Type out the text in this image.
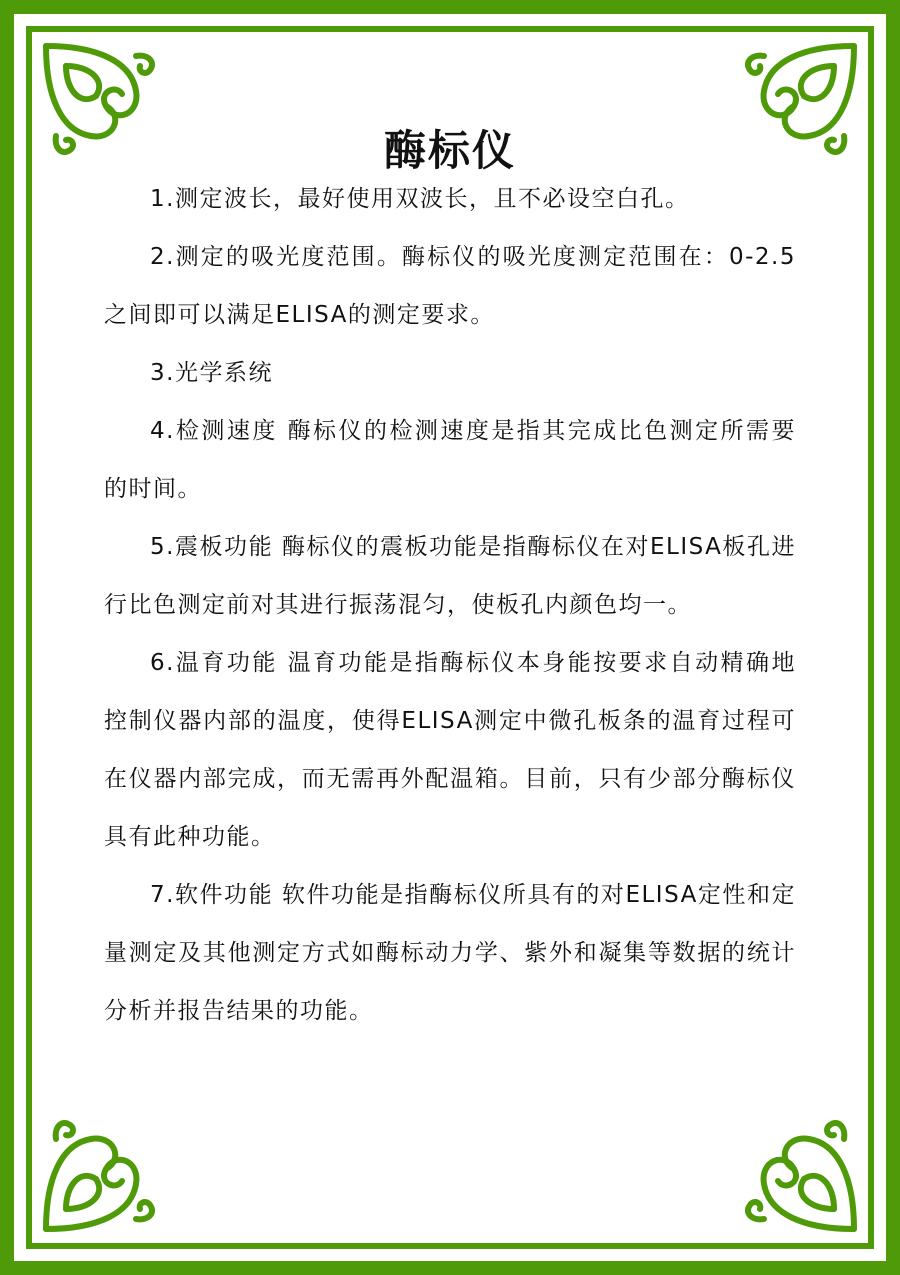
酶标仪

1.测定波长，最好使用双波长，且不必设空白孔。

2.测定的吸光度范围。酶标仪的吸光度测定范围在：0-2.5之间即可以满足ELISA的测定要求。

3.光学系统

4.检测速度 酶标仪的检测速度是指其完成比色测定所需要的时间。

5.震板功能 酶标仪的震板功能是指酶标仪在对ELISA板孔进行比色测定前对其进行振荡混匀，使板孔内颜色均一。

6.温育功能 温育功能是指酶标仪本身能按要求自动精确地控制仪器内部的温度，使得ELISA测定中微孔板条的温育过程可在仪器内部完成，而无需再外配温箱。目前，只有少部分酶标仪具有此种功能。

7.软件功能 软件功能是指酶标仪所具有的对ELISA定性和定量测定及其他测定方式如酶标动力学、紫外和凝集等数据的统计分析并报告结果的功能。
